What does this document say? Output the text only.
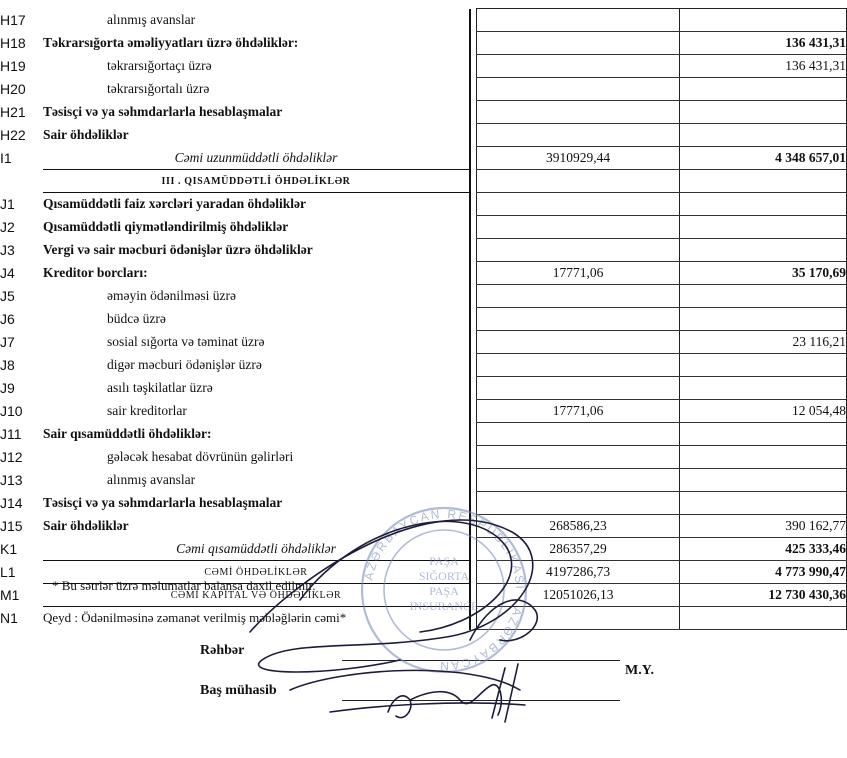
H17	alınmış avanslar			
H18	Təkrarsığorta əməliyyatları üzrə öhdəliklər:			136 431,31
H19	təkrarsığortaçı üzrə			136 431,31
H20	təkrarsığortalı üzrə			
H21	Təsisçi və ya səhmdarlarla hesablaşmalar			
H22	Sair öhdəliklər			
I1	Cəmi uzunmüddətli öhdəliklər		3910929,44	4 348 657,01
	III . QISAMÜDDƏTLİ ÖHDƏLİKLƏR			
J1	Qısamüddətli faiz xərcləri yaradan öhdəliklər			
J2	Qısamüddətli qiymətləndirilmiş öhdəliklər			
J3	Vergi və sair məcburi ödənişlər üzrə öhdəliklər			
J4	Kreditor borcları:		17771,06	35 170,69
J5	əməyin ödənilməsi üzrə			
J6	büdcə üzrə			
J7	sosial sığorta və təminat üzrə			23 116,21
J8	digər məcburi ödənişlər üzrə			
J9	asılı təşkilatlar üzrə			
J10	sair kreditorlar		17771,06	12 054,48
J11	Sair qısamüddətli öhdəliklər:			
J12	gələcək hesabat dövrünün gəlirləri			
J13	alınmış avanslar			
J14	Təsisçi və ya səhmdarlarla hesablaşmalar			
J15	Sair öhdəliklər		268586,23	390 162,77
K1	Cəmi qısamüddətli öhdəliklər		286357,29	425 333,46
L1	CƏMİ ÖHDƏLİKLƏR		4197286,73	4 773 990,47
M1	CƏMİ KAPİTAL VƏ ÖHDƏLİKLƏR		12051026,13	12 730 430,36
N1	Qeyd : Ödənilməsinə zəmanət verilmiş məbləğlərin cəmi*			
* Bu sətrlər üzrə məlumatlar balansa daxil edilmir.
Rəhbər
M.Y.
Baş mühasib
AZƏRBAYCAN RESPUBLİKASI · AZƏRBAYCAN
PAŞA SIĞORTA PAŞA INSURANCE
